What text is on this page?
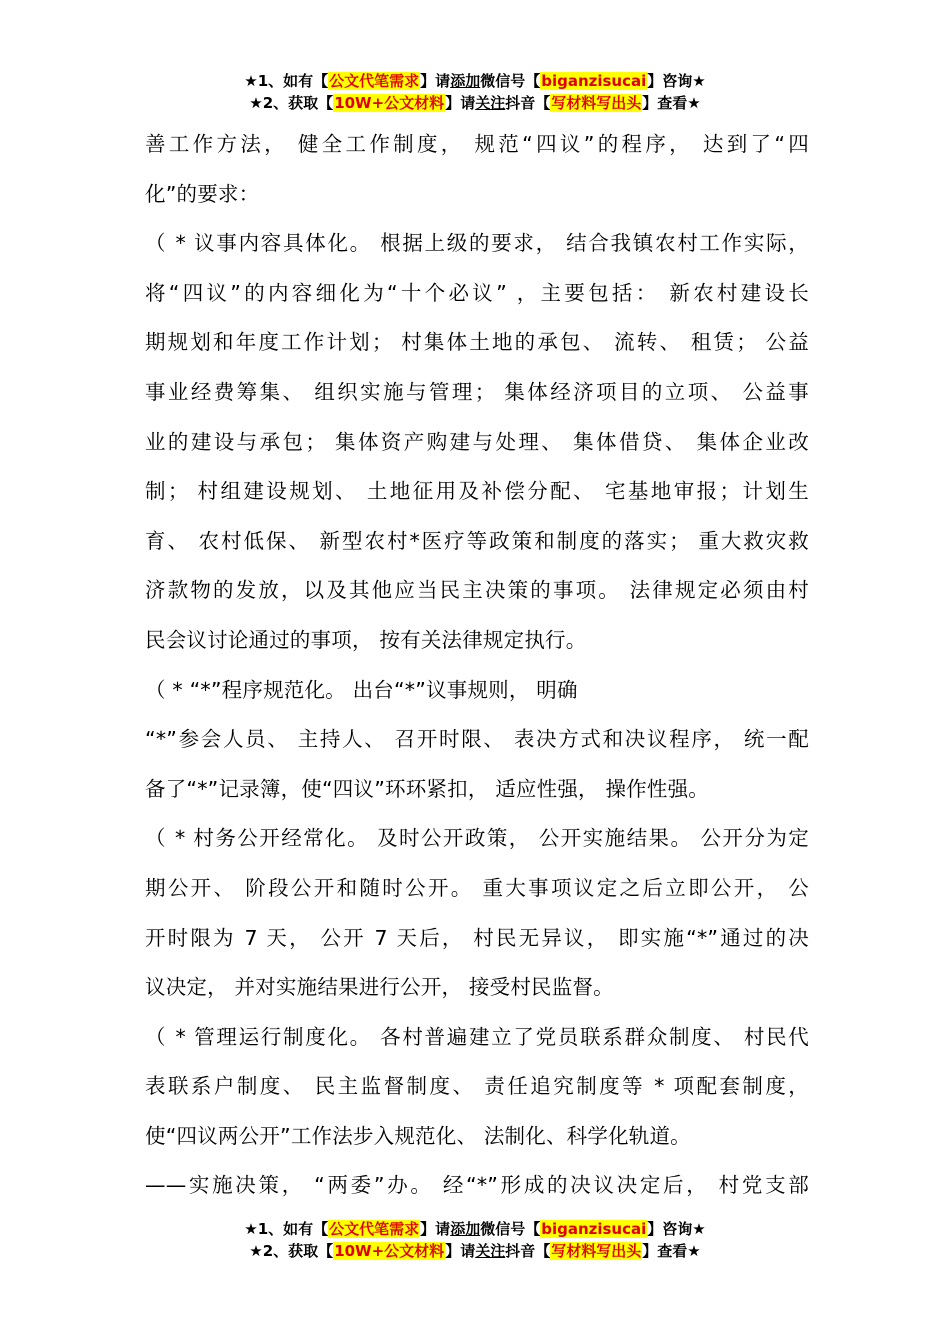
★1、如有【公文代笔需求】请添加微信号【biganzisucai】咨询★
★2、获取【10W+公文材料】请关注抖音【写材料写出头】查看★
善工作方法， 健全工作制度， 规范“四议”的程序， 达到了“四
化”的要求：
（ * 议事内容具体化。 根据上级的要求， 结合我镇农村工作实际，
将“四议”的内容细化为“十个必议” ，主要包括： 新农村建设长
期规划和年度工作计划； 村集体土地的承包、 流转、 租赁； 公益
事业经费筹集、 组织实施与管理； 集体经济项目的立项、 公益事
业的建设与承包； 集体资产购建与处理、 集体借贷、 集体企业改
制； 村组建设规划、 土地征用及补偿分配、 宅基地审报；计划生
育、 农村低保、 新型农村*医疗等政策和制度的落实； 重大救灾救
济款物的发放，以及其他应当民主决策的事项。 法律规定必须由村
民会议讨论通过的事项， 按有关法律规定执行。
（ * “*”程序规范化。 出台“*”议事规则， 明确
“*”参会人员、 主持人、 召开时限、 表决方式和决议程序， 统一配
备了“*”记录簿，使“四议”环环紧扣， 适应性强， 操作性强。
（ * 村务公开经常化。 及时公开政策， 公开实施结果。 公开分为定
期公开、 阶段公开和随时公开。 重大事项议定之后立即公开， 公
开时限为 7 天， 公开 7 天后， 村民无异议， 即实施“*”通过的决
议决定， 并对实施结果进行公开， 接受村民监督。
（ * 管理运行制度化。 各村普遍建立了党员联系群众制度、 村民代
表联系户制度、 民主监督制度、 责任追究制度等 * 项配套制度，
使“四议两公开”工作法步入规范化、 法制化、科学化轨道。
——实施决策， “两委”办。 经“*”形成的决议决定后， 村党支部
★1、如有【公文代笔需求】请添加微信号【biganzisucai】咨询★
★2、获取【10W+公文材料】请关注抖音【写材料写出头】查看★
